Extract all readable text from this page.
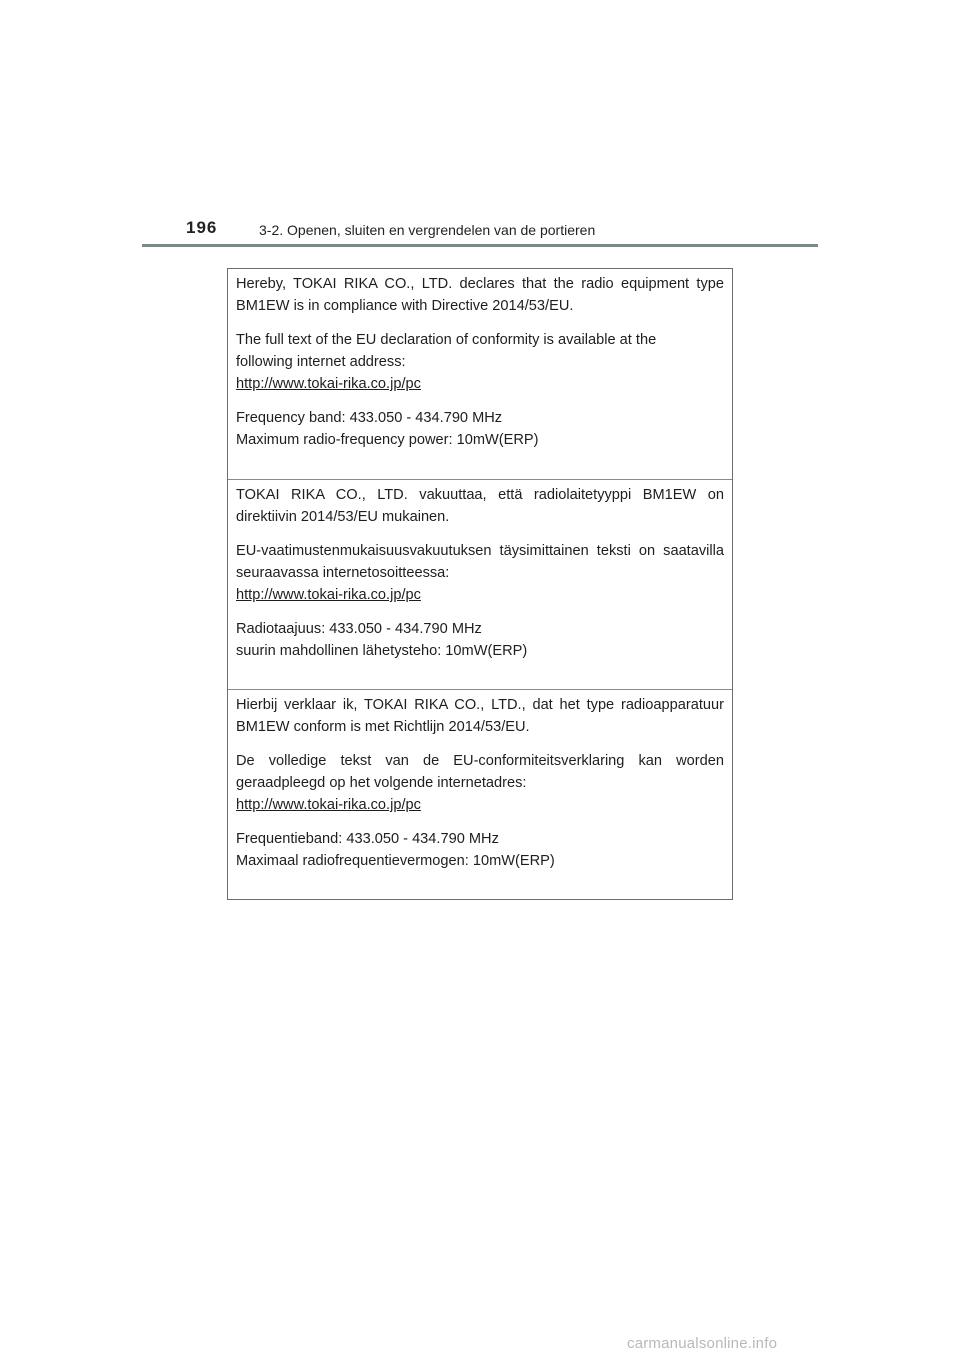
196	3-2. Openen, sluiten en vergrendelen van de portieren

Hereby, TOKAI RIKA CO., LTD. declares that the radio equipment type BM1EW is in compliance with Directive 2014/53/EU.

The full text of the EU declaration of conformity is available at the
following internet address:
http://www.tokai-rika.co.jp/pc

Frequency band: 433.050 - 434.790 MHz
Maximum radio-frequency power: 10mW(ERP)

TOKAI RIKA CO., LTD. vakuuttaa, että radiolaitetyyppi BM1EW on direktiivin 2014/53/EU mukainen.

EU-vaatimustenmukaisuusvakuutuksen täysimittainen teksti on saatavilla seuraavassa internetosoitteessa:
http://www.tokai-rika.co.jp/pc

Radiotaajuus: 433.050 - 434.790 MHz
suurin mahdollinen lähetysteho: 10mW(ERP)

Hierbij verklaar ik, TOKAI RIKA CO., LTD., dat het type radioapparatuur BM1EW conform is met Richtlijn 2014/53/EU.

De volledige tekst van de EU-conformiteitsverklaring kan worden geraadpleegd op het volgende internetadres:
http://www.tokai-rika.co.jp/pc

Frequentieband: 433.050 - 434.790 MHz
Maximaal radiofrequentievermogen: 10mW(ERP)

carmanualsonline.info
